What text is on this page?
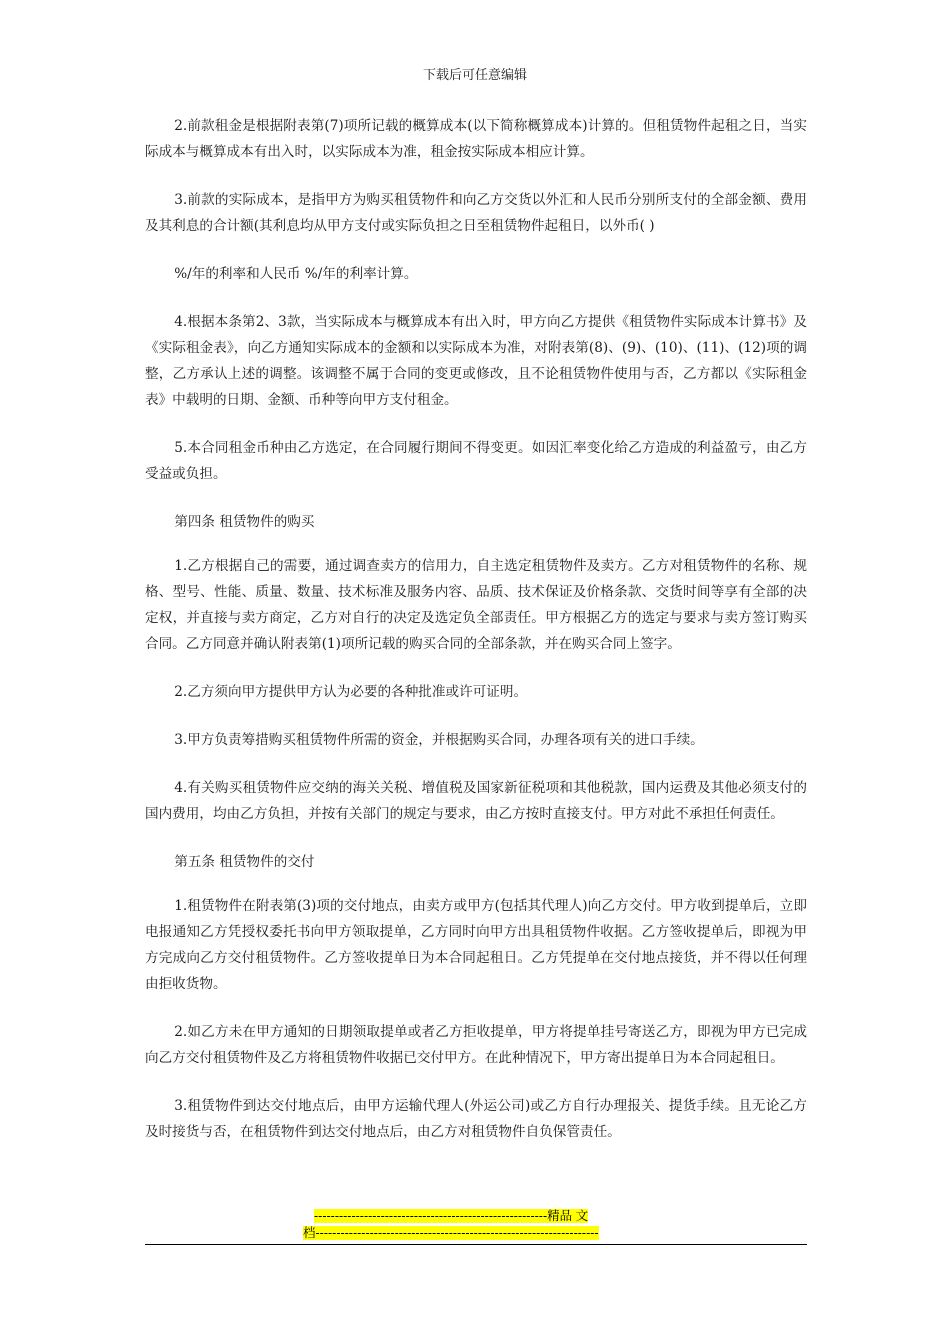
下载后可任意编辑

2.前款租金是根据附表第(7)项所记载的概算成本(以下简称概算成本)计算的。但租赁物件起租之日，当实际成本与概算成本有出入时，以实际成本为准，租金按实际成本相应计算。

3.前款的实际成本，是指甲方为购买租赁物件和向乙方交货以外汇和人民币分别所支付的全部金额、费用及其利息的合计额(其利息均从甲方支付或实际负担之日至租赁物件起租日，以外币( )

%/年的利率和人民币 %/年的利率计算。

4.根据本条第2、3款，当实际成本与概算成本有出入时，甲方向乙方提供《租赁物件实际成本计算书》及《实际租金表》，向乙方通知实际成本的金额和以实际成本为准，对附表第(8)、(9)、(10)、(11)、(12)项的调整，乙方承认上述的调整。该调整不属于合同的变更或修改，且不论租赁物件使用与否，乙方都以《实际租金表》中载明的日期、金额、币种等向甲方支付租金。

5.本合同租金币种由乙方选定，在合同履行期间不得变更。如因汇率变化给乙方造成的利益盈亏，由乙方受益或负担。

第四条 租赁物件的购买

1.乙方根据自己的需要，通过调查卖方的信用力，自主选定租赁物件及卖方。乙方对租赁物件的名称、规格、型号、性能、质量、数量、技术标准及服务内容、品质、技术保证及价格条款、交货时间等享有全部的决定权，并直接与卖方商定，乙方对自行的决定及选定负全部责任。甲方根据乙方的选定与要求与卖方签订购买合同。乙方同意并确认附表第(1)项所记载的购买合同的全部条款，并在购买合同上签字。

2.乙方须向甲方提供甲方认为必要的各种批准或许可证明。

3.甲方负责筹措购买租赁物件所需的资金，并根据购买合同，办理各项有关的进口手续。

4.有关购买租赁物件应交纳的海关关税、增值税及国家新征税项和其他税款，国内运费及其他必须支付的国内费用，均由乙方负担，并按有关部门的规定与要求，由乙方按时直接支付。甲方对此不承担任何责任。

第五条 租赁物件的交付

1.租赁物件在附表第(3)项的交付地点，由卖方或甲方(包括其代理人)向乙方交付。甲方收到提单后，立即电报通知乙方凭授权委托书向甲方领取提单，乙方同时向甲方出具租赁物件收据。乙方签收提单后，即视为甲方完成向乙方交付租赁物件。乙方签收提单日为本合同起租日。乙方凭提单在交付地点接货，并不得以任何理由拒收货物。

2.如乙方未在甲方通知的日期领取提单或者乙方拒收提单，甲方将提单挂号寄送乙方，即视为甲方已完成向乙方交付租赁物件及乙方将租赁物件收据已交付甲方。在此种情况下，甲方寄出提单日为本合同起租日。

3.租赁物件到达交付地点后，由甲方运输代理人(外运公司)或乙方自行办理报关、提货手续。且无论乙方及时接货与否，在租赁物件到达交付地点后，由乙方对租赁物件自负保管责任。

--------------------------------------------------------精品 文
档--------------------------------------------------------------------
